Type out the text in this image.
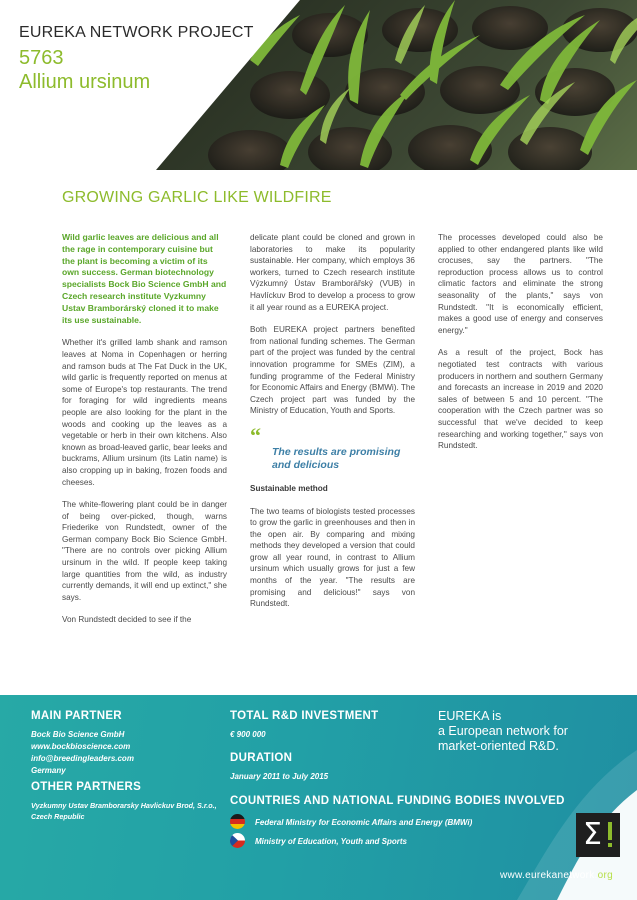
EUREKA NETWORK PROJECT
5763
Allium ursinum
GROWING GARLIC LIKE WILDFIRE

Wild garlic leaves are delicious and all the rage in contemporary cuisine but the plant is becoming a victim of its own success. German biotechnology specialists Bock Bio Science GmbH and Czech research institute Vyzkumny Ustav Bramborárský cloned it to make its use sustainable.

Whether it's grilled lamb shank and ramson leaves at Noma in Copenhagen or herring and ramson buds at The Fat Duck in the UK, wild garlic is frequently reported on menus at some of Europe's top restaurants. The trend for foraging for wild ingredients means people are also looking for the plant in the woods and cooking up the leaves as a vegetable or herb in their own kitchens. Also known as broad-leaved garlic, bear leeks and buckrams, Allium ursinum (its Latin name) is also cropping up in baking, frozen foods and cheeses.

The white-flowering plant could be in danger of being over-picked, though, warns Friederike von Rundstedt, owner of the German company Bock Bio Science GmbH. "There are no controls over picking Allium ursinum in the wild. If people keep taking large quantities from the wild, as industry currently demands, it will end up extinct," she says.

Von Rundstedt decided to see if the

delicate plant could be cloned and grown in laboratories to make its popularity sustainable. Her company, which employs 36 workers, turned to Czech research institute Výzkumný Ústav Bramborářský (VUB) in Havlíckuv Brod to develop a process to grow it all year round as a EUREKA project.

Both EUREKA project partners benefited from national funding schemes. The German part of the project was funded by the central innovation programme for SMEs (ZIM), a funding programme of the Federal Ministry for Economic Affairs and Energy (BMWi). The Czech project part was funded by the Ministry of Education, Youth and Sports.

“

The results are promising and delicious

Sustainable method

The two teams of biologists tested processes to grow the garlic in greenhouses and then in the open air. By comparing and mixing methods they developed a version that could grow all year round, in contrast to Allium ursinum which usually grows for just a few months of the year. "The results are promising and delicious!" says von Rundstedt.

The processes developed could also be applied to other endangered plants like wild crocuses, say the partners. "The reproduction process allows us to control climatic factors and eliminate the strong seasonality of the plants," says von Rundstedt. "It is economically efficient, makes a good use of energy and conserves energy."

As a result of the project, Bock has negotiated test contracts with various producers in northern and southern Germany and forecasts an increase in 2019 and 2020 sales of between 5 and 10 percent. "The cooperation with the Czech partner was so successful that we've decided to keep researching and working together," says von Rundstedt.

MAIN PARTNER
Bock Bio Science GmbH
www.bockbioscience.com
info@breedingleaders.com
Germany
OTHER PARTNERS
Vyzkumny Ustav Bramborarsky Havlickuv Brod, S.r.o.,
Czech Republic
TOTAL R&D INVESTMENT
€ 900 000
DURATION
January 2011 to July 2015
COUNTRIES AND NATIONAL FUNDING BODIES INVOLVED
Federal Ministry for Economic Affairs and Energy (BMWi)
Ministry of Education, Youth and Sports
EUREKA is
a European network for
market-oriented R&D.
Σ
www.eurekanetwork.org
